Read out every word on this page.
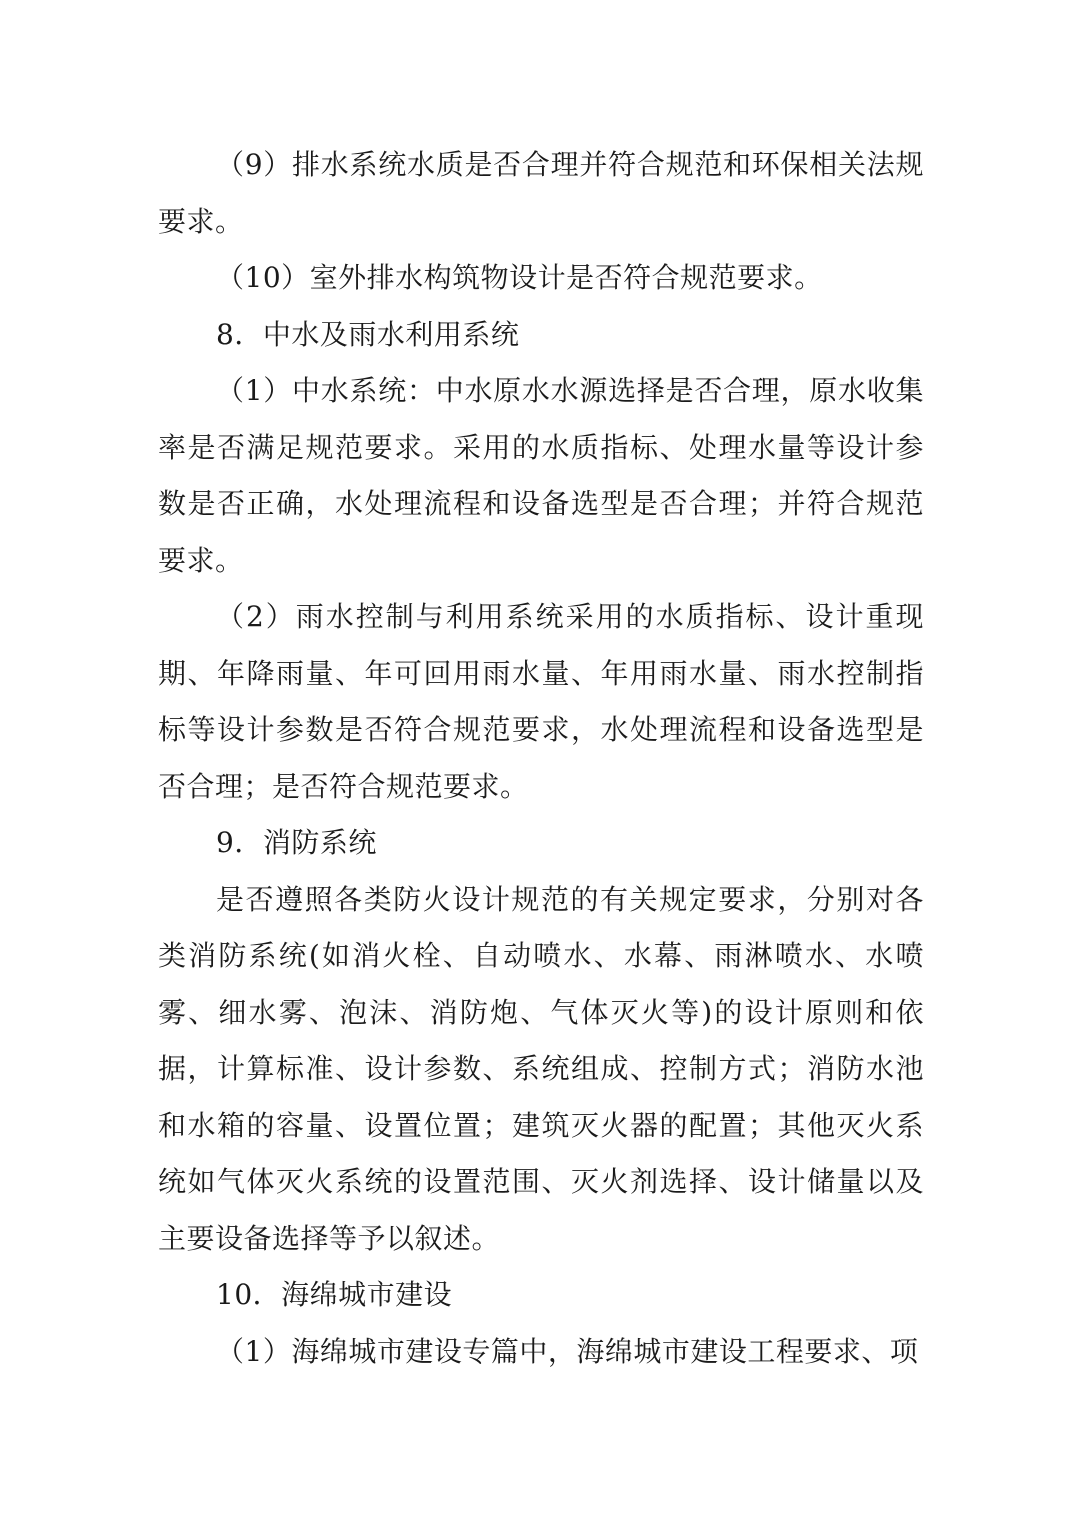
（9）排水系统水质是否合理并符合规范和环保相关法规要求。

（10）室外排水构筑物设计是否符合规范要求。

8．中水及雨水利用系统

（1）中水系统：中水原水水源选择是否合理，原水收集率是否满足规范要求。采用的水质指标、处理水量等设计参数是否正确，水处理流程和设备选型是否合理；并符合规范要求。

（2）雨水控制与利用系统采用的水质指标、设计重现期、年降雨量、年可回用雨水量、年用雨水量、雨水控制指标等设计参数是否符合规范要求，水处理流程和设备选型是否合理；是否符合规范要求。

9．消防系统

是否遵照各类防火设计规范的有关规定要求，分别对各类消防系统(如消火栓、自动喷水、水幕、雨淋喷水、水喷雾、细水雾、泡沫、消防炮、气体灭火等)的设计原则和依据，计算标准、设计参数、系统组成、控制方式；消防水池和水箱的容量、设置位置；建筑灭火器的配置；其他灭火系统如气体灭火系统的设置范围、灭火剂选择、设计储量以及主要设备选择等予以叙述。

10．海绵城市建设

（1）海绵城市建设专篇中，海绵城市建设工程要求、项
